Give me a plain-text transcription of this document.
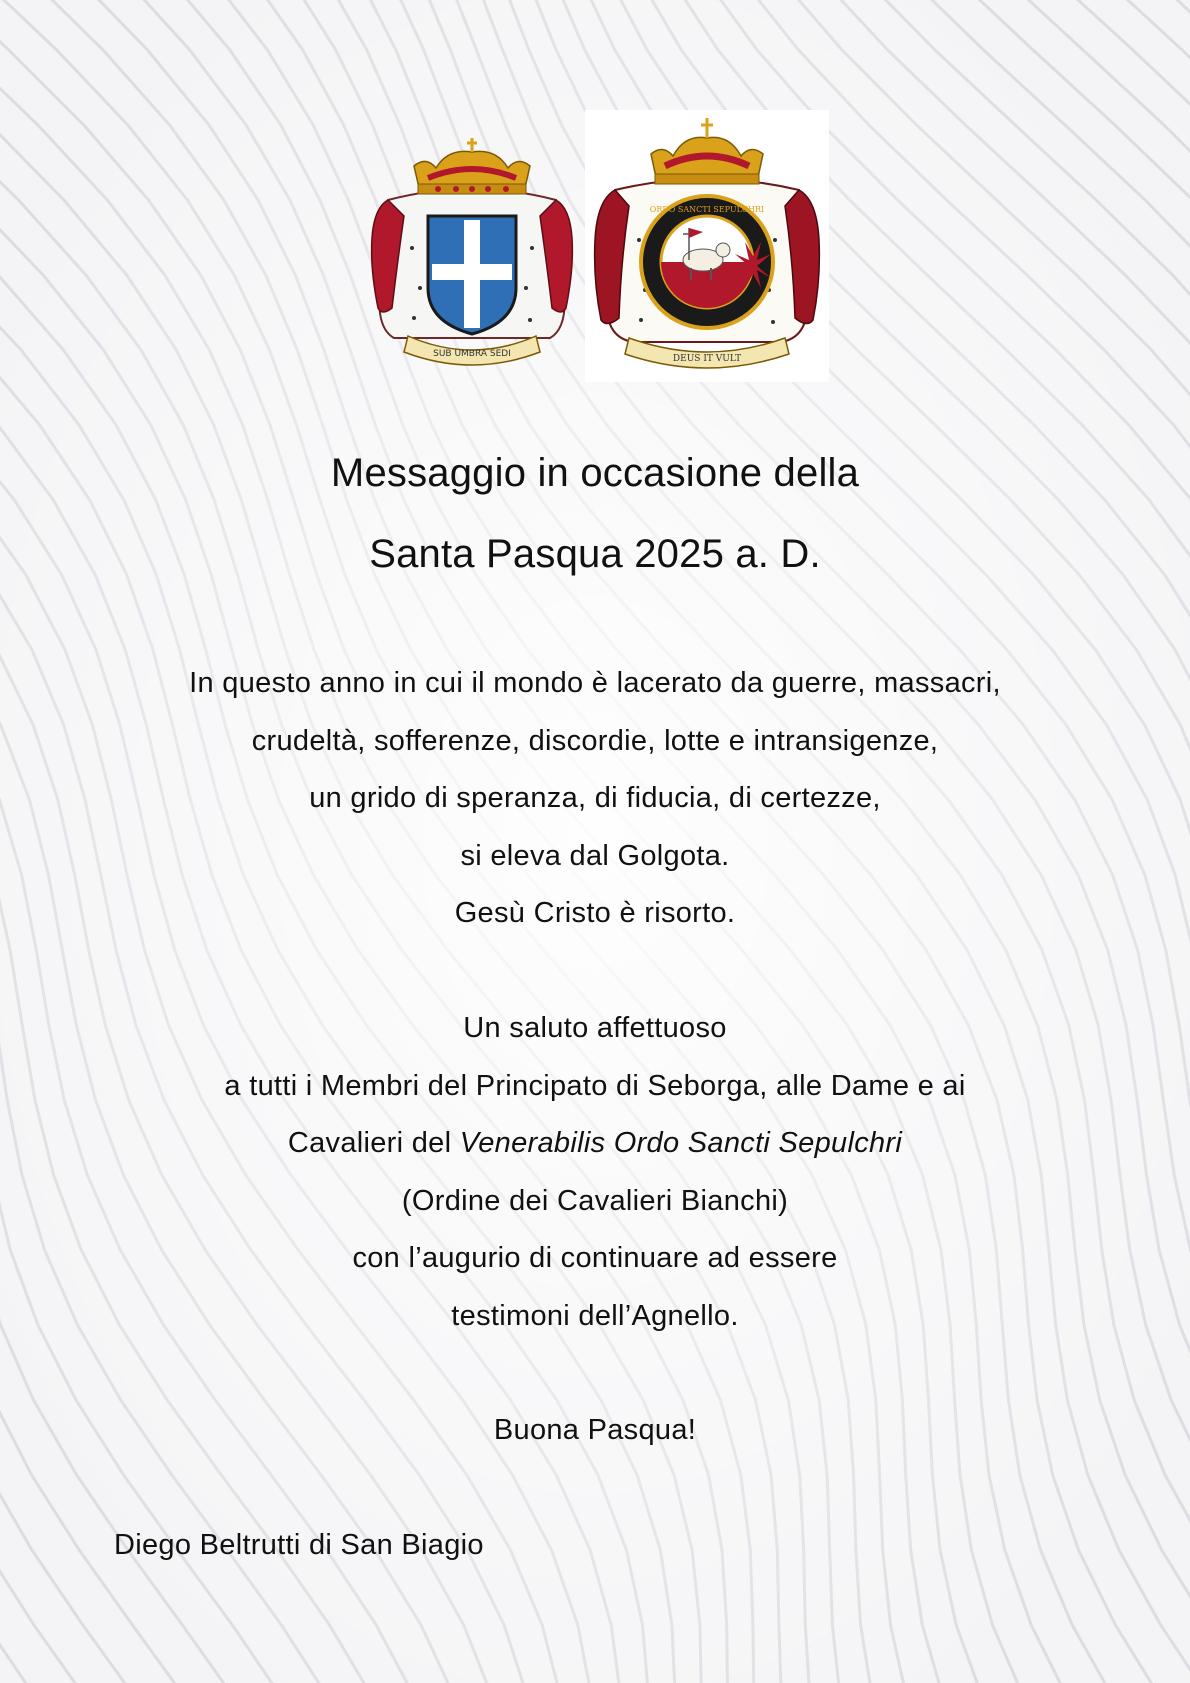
SUB UMBRA SEDI
ORDO SANCTI SEPULCHRI
DEUS IT VULT
Messaggio in occasione della
Santa Pasqua 2025 a. D.
In questo anno in cui il mondo è lacerato da guerre, massacri,
crudeltà, sofferenze, discordie, lotte e intransigenze,
un grido di speranza, di fiducia, di certezze,
si eleva dal Golgota.
Gesù Cristo è risorto.
Un saluto affettuoso
a tutti i Membri del Principato di Seborga, alle Dame e ai
Cavalieri del Venerabilis Ordo Sancti Sepulchri
(Ordine dei Cavalieri Bianchi)
con l’augurio di continuare ad essere
testimoni dell’Agnello.
Buona Pasqua!
Diego Beltrutti di San Biagio
